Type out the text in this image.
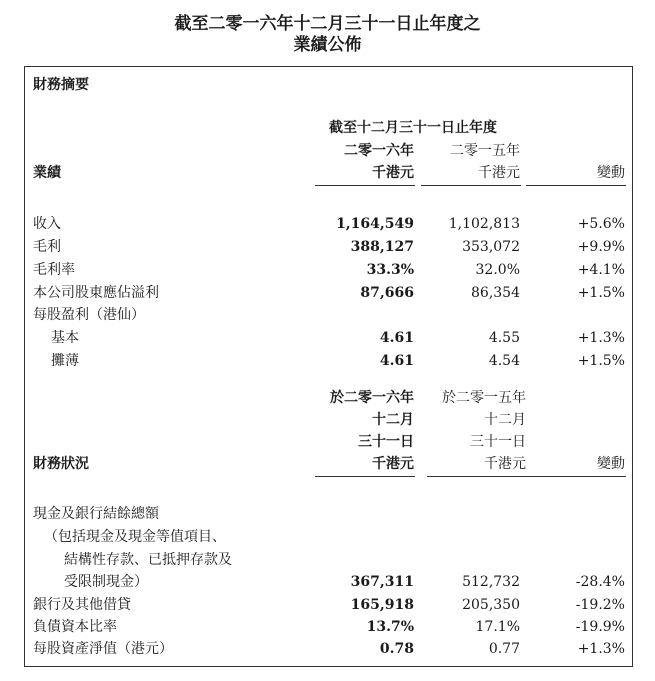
截至二零一六年十二月三十一日止年度之
業績公佈
財務摘要
截至十二月三十一日止年度
二零一六年	二零一五年
業績	千港元	千港元	變動
收入	1,164,549	1,102,813	+5.6%
毛利	388,127	353,072	+9.9%
毛利率	33.3%	32.0%	+4.1%
本公司股東應佔溢利	87,666	86,354	+1.5%
每股盈利（港仙）
基本	4.61	4.55	+1.3%
攤薄	4.61	4.54	+1.5%
於二零一六年	於二零一五年
十二月	十二月
三十一日	三十一日
財務狀況	千港元	千港元	變動
現金及銀行結餘總額
（包括現金及現金等值項目、
結構性存款、已抵押存款及
受限制現金）	367,311	512,732	-28.4%
銀行及其他借貸	165,918	205,350	-19.2%
負債資本比率	13.7%	17.1%	-19.9%
每股資產淨值（港元）	0.78	0.77	+1.3%
